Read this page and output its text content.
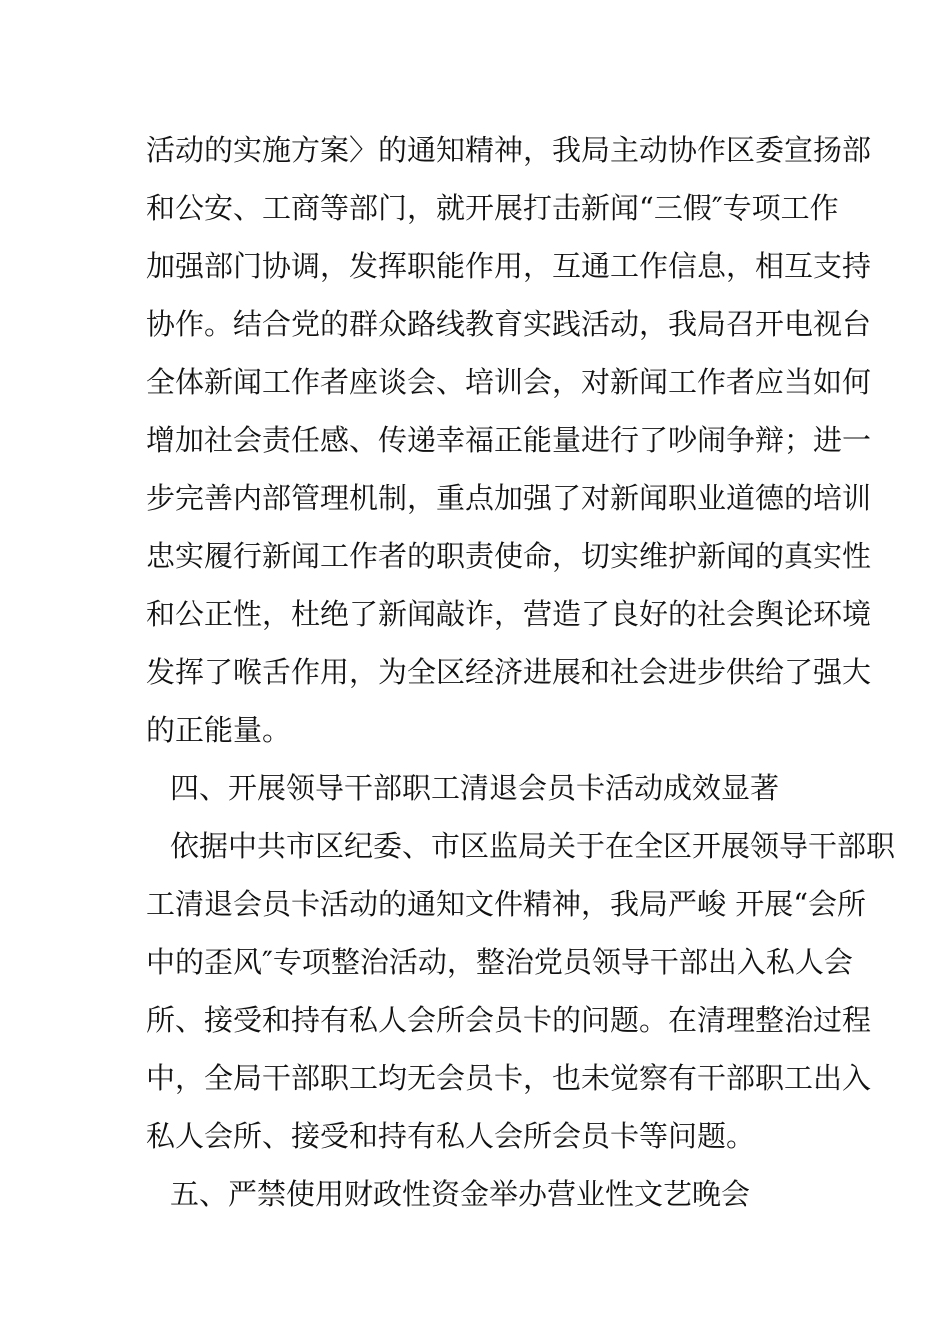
活动的实施方案〉的通知精神，我局主动协作区委宣扬部
和公安、工商等部门，就开展打击新闻“三假″专项工作
加强部门协调，发挥职能作用，互通工作信息，相互支持
协作。结合党的群众路线教育实践活动，我局召开电视台
全体新闻工作者座谈会、培训会，对新闻工作者应当如何
增加社会责任感、传递幸福正能量进行了吵闹争辩；进一
步完善内部管理机制，重点加强了对新闻职业道德的培训
忠实履行新闻工作者的职责使命，切实维护新闻的真实性
和公正性，杜绝了新闻敲诈，营造了良好的社会舆论环境
发挥了喉舌作用，为全区经济进展和社会进步供给了强大
的正能量。
四、开展领导干部职工清退会员卡活动成效显著
依据中共市区纪委、市区监局关于在全区开展领导干部职
工清退会员卡活动的通知文件精神，我局严峻 开展“会所
中的歪风″专项整治活动，整治党员领导干部出入私人会
所、接受和持有私人会所会员卡的问题。在清理整治过程
中，全局干部职工均无会员卡，也未觉察有干部职工出入
私人会所、接受和持有私人会所会员卡等问题。
五、严禁使用财政性资金举办营业性文艺晚会
